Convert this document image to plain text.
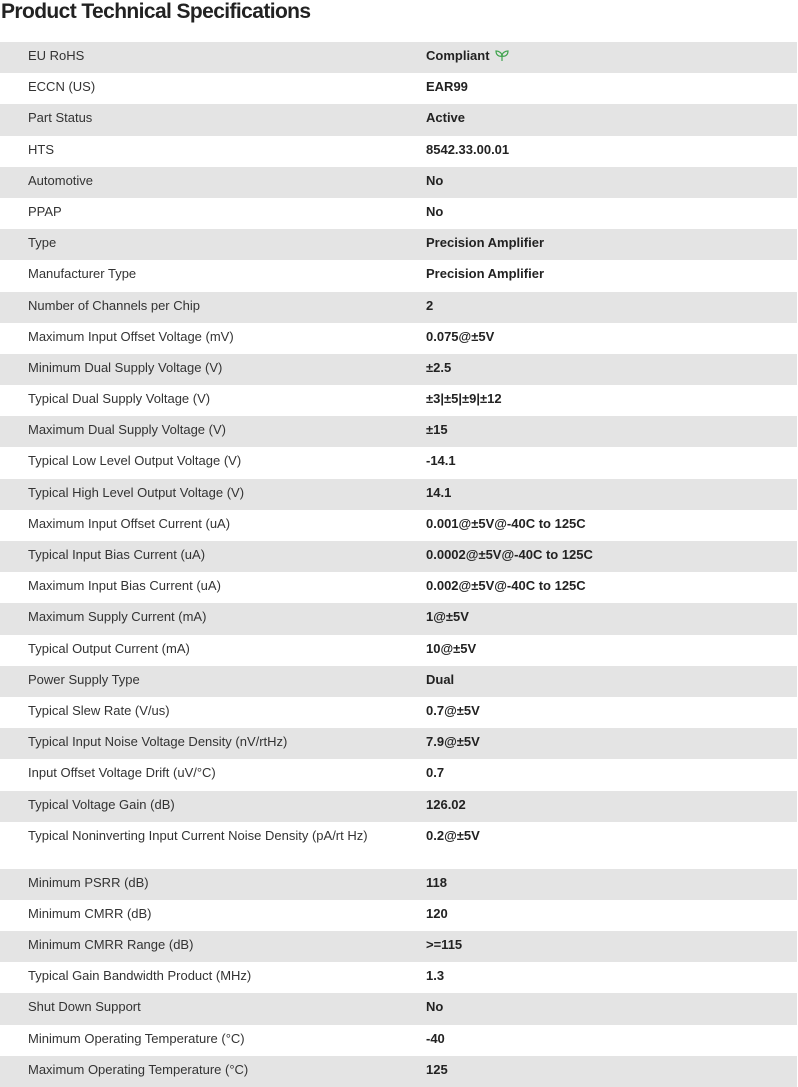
Product Technical Specifications
EU RoHS	Compliant
ECCN (US)	EAR99
Part Status	Active
HTS	8542.33.00.01
Automotive	No
PPAP	No
Type	Precision Amplifier
Manufacturer Type	Precision Amplifier
Number of Channels per Chip	2
Maximum Input Offset Voltage (mV)	0.075@±5V
Minimum Dual Supply Voltage (V)	±2.5
Typical Dual Supply Voltage (V)	±3|±5|±9|±12
Maximum Dual Supply Voltage (V)	±15
Typical Low Level Output Voltage (V)	-14.1
Typical High Level Output Voltage (V)	14.1
Maximum Input Offset Current (uA)	0.001@±5V@-40C to 125C
Typical Input Bias Current (uA)	0.0002@±5V@-40C to 125C
Maximum Input Bias Current (uA)	0.002@±5V@-40C to 125C
Maximum Supply Current (mA)	1@±5V
Typical Output Current (mA)	10@±5V
Power Supply Type	Dual
Typical Slew Rate (V/us)	0.7@±5V
Typical Input Noise Voltage Density (nV/rtHz)	7.9@±5V
Input Offset Voltage Drift (uV/°C)	0.7
Typical Voltage Gain (dB)	126.02
Typical Noninverting Input Current Noise Density (pA/rt Hz)	0.2@±5V
Minimum PSRR (dB)	118
Minimum CMRR (dB)	120
Minimum CMRR Range (dB)	>=115
Typical Gain Bandwidth Product (MHz)	1.3
Shut Down Support	No
Minimum Operating Temperature (°C)	-40
Maximum Operating Temperature (°C)	125
